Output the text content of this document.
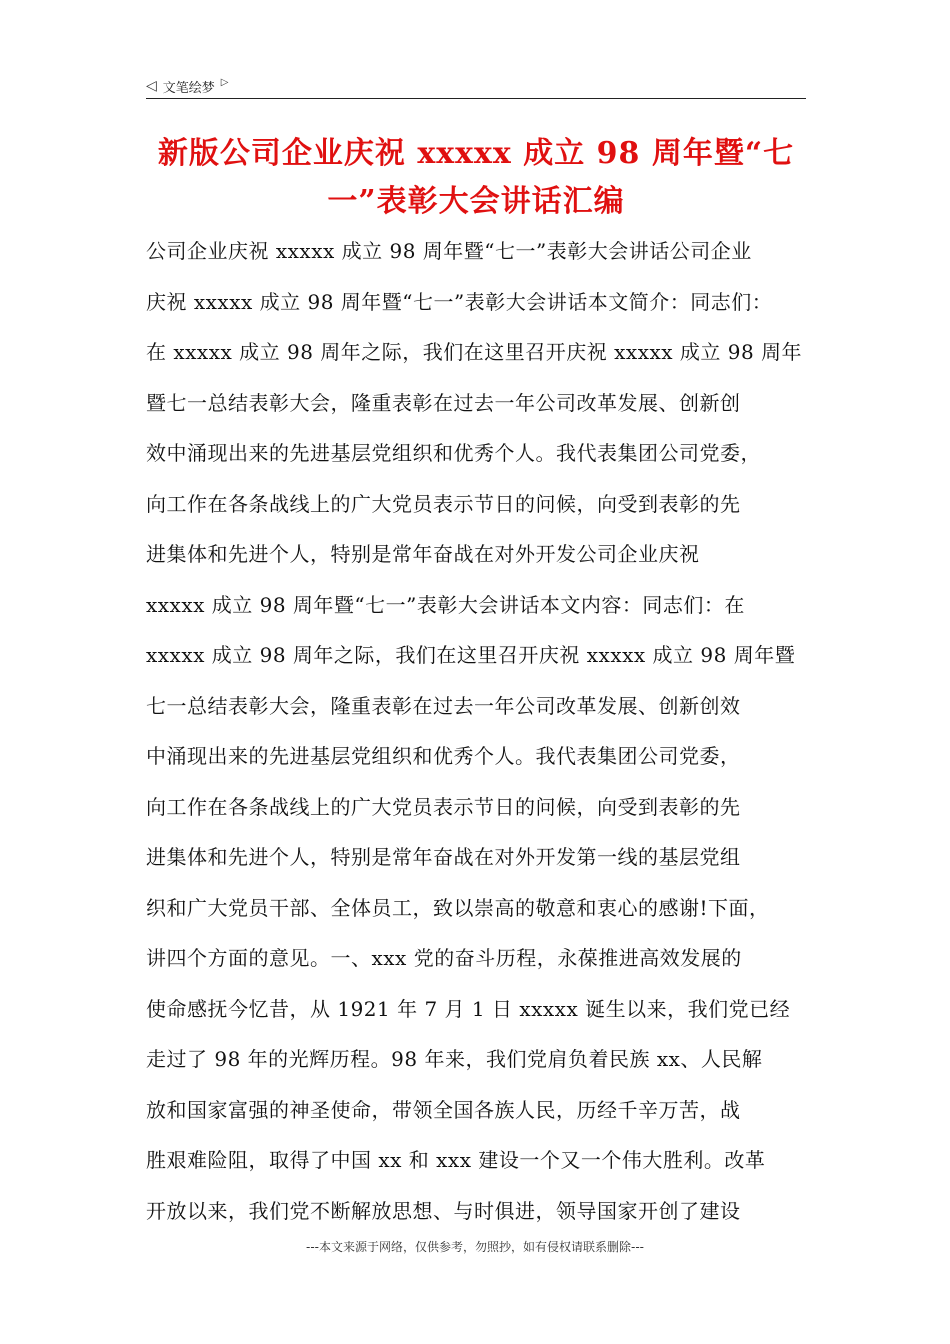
◁ 文笔绘梦 ▷
新版公司企业庆祝 xxxxx 成立 98 周年暨“七
一”表彰大会讲话汇编
公司企业庆祝 xxxxx 成立 98 周年暨“七一”表彰大会讲话公司企业
庆祝 xxxxx 成立 98 周年暨“七一”表彰大会讲话本文简介：同志们：
在 xxxxx 成立 98 周年之际，我们在这里召开庆祝 xxxxx 成立 98 周年
暨七一总结表彰大会，隆重表彰在过去一年公司改革发展、创新创
效中涌现出来的先进基层党组织和优秀个人。我代表集团公司党委，
向工作在各条战线上的广大党员表示节日的问候，向受到表彰的先
进集体和先进个人，特别是常年奋战在对外开发公司企业庆祝
xxxxx 成立 98 周年暨“七一”表彰大会讲话本文内容：同志们：在
xxxxx 成立 98 周年之际，我们在这里召开庆祝 xxxxx 成立 98 周年暨
七一总结表彰大会，隆重表彰在过去一年公司改革发展、创新创效
中涌现出来的先进基层党组织和优秀个人。我代表集团公司党委，
向工作在各条战线上的广大党员表示节日的问候，向受到表彰的先
进集体和先进个人，特别是常年奋战在对外开发第一线的基层党组
织和广大党员干部、全体员工，致以崇高的敬意和衷心的感谢!下面，
讲四个方面的意见。一、xxx 党的奋斗历程，永葆推进高效发展的
使命感抚今忆昔，从 1921 年 7 月 1 日 xxxxx 诞生以来，我们党已经
走过了 98 年的光辉历程。98 年来，我们党肩负着民族 xx、人民解
放和国家富强的神圣使命，带领全国各族人民，历经千辛万苦，战
胜艰难险阻，取得了中国 xx 和 xxx 建设一个又一个伟大胜利。改革
开放以来，我们党不断解放思想、与时俱进，领导国家开创了建设
---本文来源于网络，仅供参考，勿照抄，如有侵权请联系删除---
